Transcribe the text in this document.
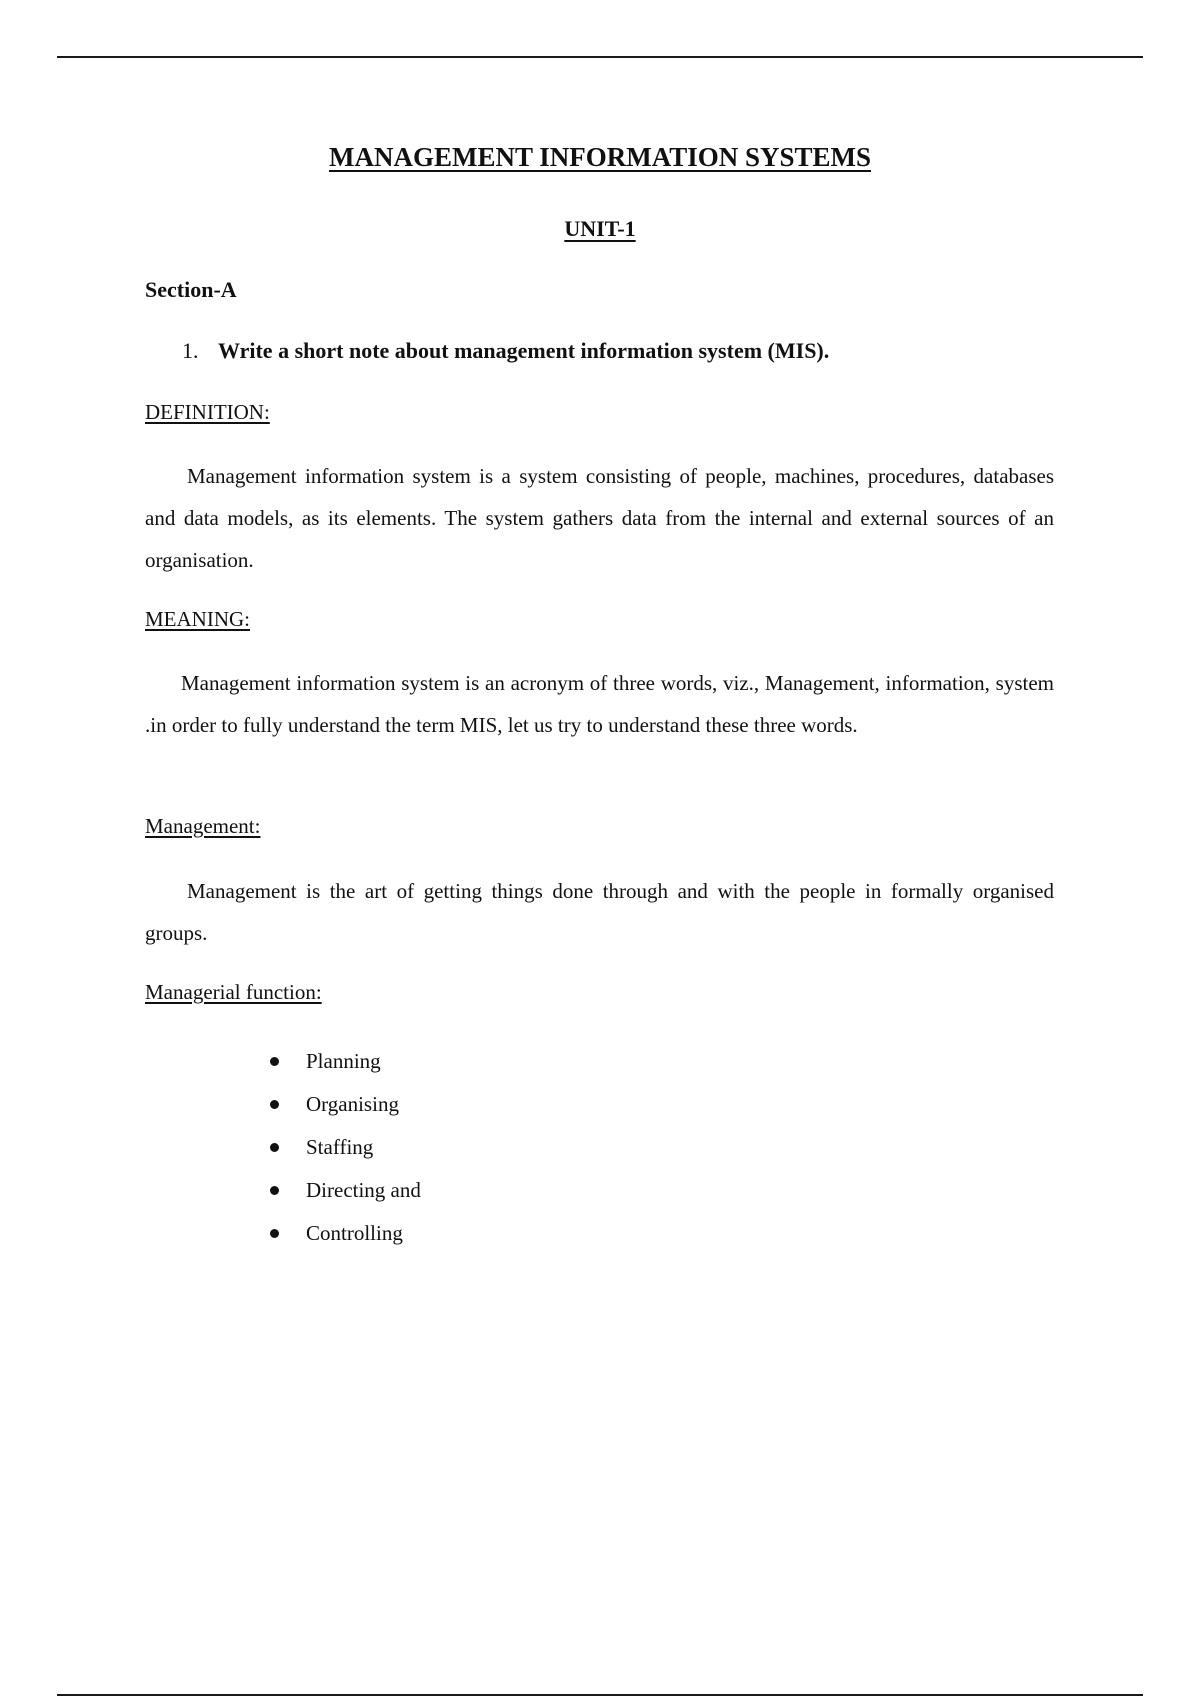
MANAGEMENT INFORMATION SYSTEMS
UNIT-1
Section-A
1. Write a short note about management information system (MIS).
DEFINITION:
Management information system is a system consisting of people, machines, procedures, databases and data models, as its elements. The system gathers data from the internal and external sources of an organisation.
MEANING:
Management information system is an acronym of three words, viz., Management, information, system .in order to fully understand the term MIS, let us try to understand these three words.
Management:
Management is the art of getting things done through and with the people in formally organised groups.
Managerial function:
Planning
Organising
Staffing
Directing and
Controlling
